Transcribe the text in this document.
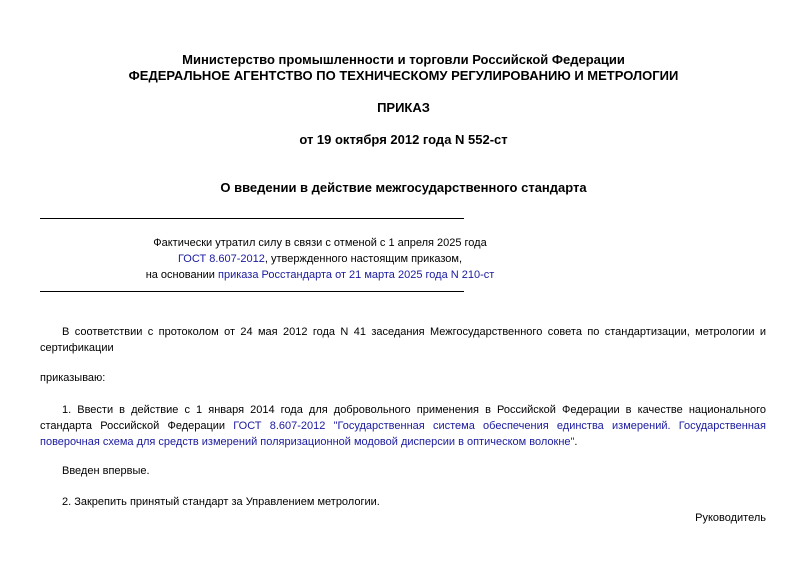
Министерство промышленности и торговли Российской Федерации
ФЕДЕРАЛЬНОЕ АГЕНТСТВО ПО ТЕХНИЧЕСКОМУ РЕГУЛИРОВАНИЮ И МЕТРОЛОГИИ
ПРИКАЗ
от 19 октября 2012 года N 552-ст
О введении в действие межгосударственного стандарта
Фактически утратил силу в связи с отменой с 1 апреля 2025 года
ГОСТ 8.607-2012, утвержденного настоящим приказом,
на основании приказа Росстандарта от 21 марта 2025 года N 210-ст
В соответствии с протоколом от 24 мая 2012 года N 41 заседания Межгосударственного совета по стандартизации, метрологии и сертификации
приказываю:
1. Ввести в действие с 1 января 2014 года для добровольного применения в Российской Федерации в качестве национального стандарта Российской Федерации ГОСТ 8.607-2012 "Государственная система обеспечения единства измерений. Государственная поверочная схема для средств измерений поляризационной модовой дисперсии в оптическом волокне".
Введен впервые.
2. Закрепить принятый стандарт за Управлением метрологии.
Руководитель
